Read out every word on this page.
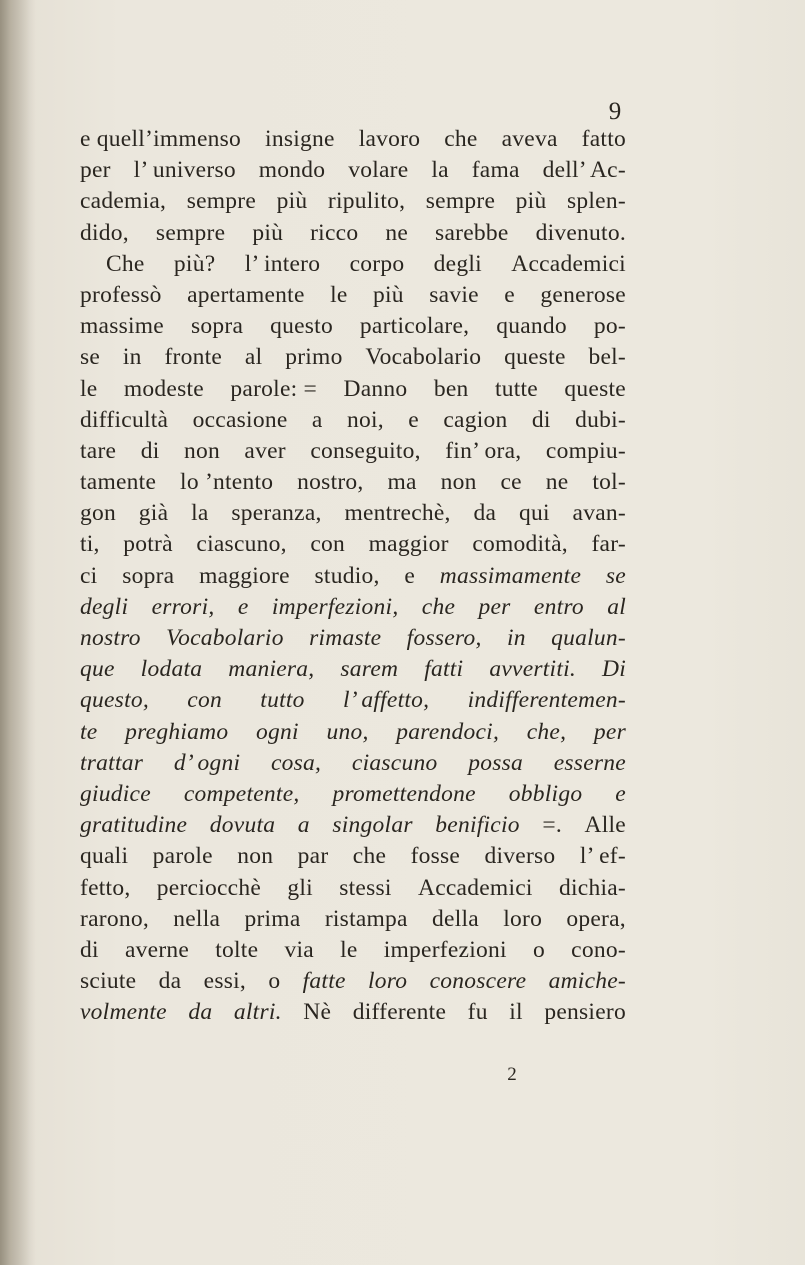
9
e quell’immenso insigne lavoro che aveva fatto
per l’ universo mondo volare la fama dell’ Ac-
cademia, sempre più ripulito, sempre più splen-
dido, sempre più ricco ne sarebbe divenuto.
Che più? l’ intero corpo degli Accademici
professò apertamente le più savie e generose
massime sopra questo particolare, quando po-
se in fronte al primo Vocabolario queste bel-
le modeste parole: = Danno ben tutte queste
difficultà occasione a noi, e cagion di dubi-
tare di non aver conseguito, fin’ ora, compiu-
tamente lo ’ntento nostro, ma non ce ne tol-
gon già la speranza, mentrechè, da qui avan-
ti, potrà ciascuno, con maggior comodità, far-
ci sopra maggiore studio, e massimamente se
degli errori, e imperfezioni, che per entro al
nostro Vocabolario rimaste fossero, in qualun-
que lodata maniera, sarem fatti avvertiti. Di
questo, con tutto l’ affetto, indifferentemen-
te preghiamo ogni uno, parendoci, che, per
trattar d’ ogni cosa, ciascuno possa esserne
giudice competente, promettendone obbligo e
gratitudine dovuta a singolar benificio =. Alle
quali parole non par che fosse diverso l’ ef-
fetto, perciocchè gli stessi Accademici dichia-
rarono, nella prima ristampa della loro opera,
di averne tolte via le imperfezioni o cono-
sciute da essi, o fatte loro conoscere amiche-
volmente da altri. Nè differente fu il pensiero
2
